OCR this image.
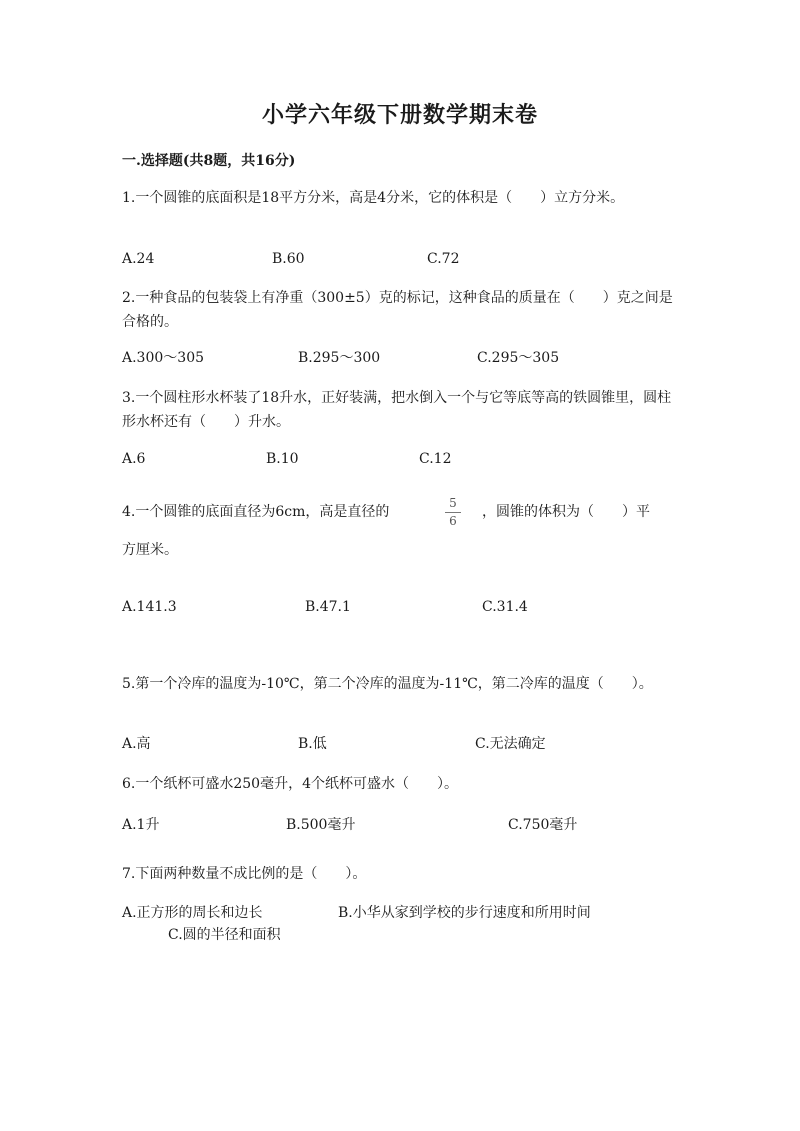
小学六年级下册数学期末卷
一.选择题(共8题，共16分)
1.一个圆锥的底面积是18平方分米，高是4分米，它的体积是（　　）立方分米。
A.24	B.60	C.72
2.一种食品的包装袋上有净重（300±5）克的标记，这种食品的质量在（　　）克之间是合格的。
A.300～305	B.295～300	C.295～305
3.一个圆柱形水杯装了18升水，正好装满，把水倒入一个与它等底等高的铁圆锥里，圆柱形水杯还有（　　）升水。
A.6	B.10	C.12
4.一个圆锥的底面直径为6cm，高是直径的
5
6
，圆锥的体积为（　　）平
方厘米。
A.141.3	B.47.1	C.31.4
5.第一个冷库的温度为-10℃，第二个冷库的温度为-11℃，第二冷库的温度（　　）。
A.高	B.低	C.无法确定
6.一个纸杯可盛水250毫升，4个纸杯可盛水（　　）。
A.1升	B.500毫升	C.750毫升
7.下面两种数量不成比例的是（　　）。
A.正方形的周长和边长	B.小华从家到学校的步行速度和所用时间
C.圆的半径和面积
